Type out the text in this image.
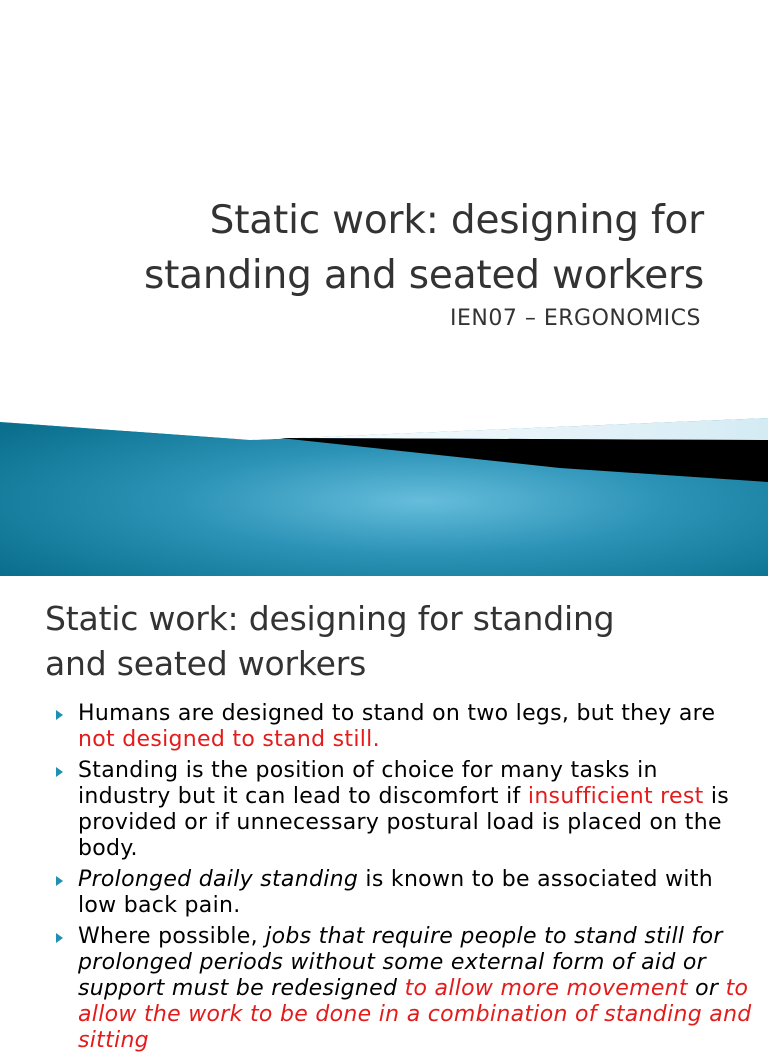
Static work: designing for
standing and seated workers
IEN07 – ERGONOMICS
Static work: designing for standing
and seated workers
Humans are designed to stand on two legs, but they are not designed to stand still.
Standing is the position of choice for many tasks in industry but it can lead to discomfort if insufficient rest is provided or if unnecessary postural load is placed on the body.
Prolonged daily standing is known to be associated with low back pain.
Where possible, jobs that require people to stand still for prolonged periods without some external form of aid or support must be redesigned to allow more movement or to allow the work to be done in a combination of standing and sitting
